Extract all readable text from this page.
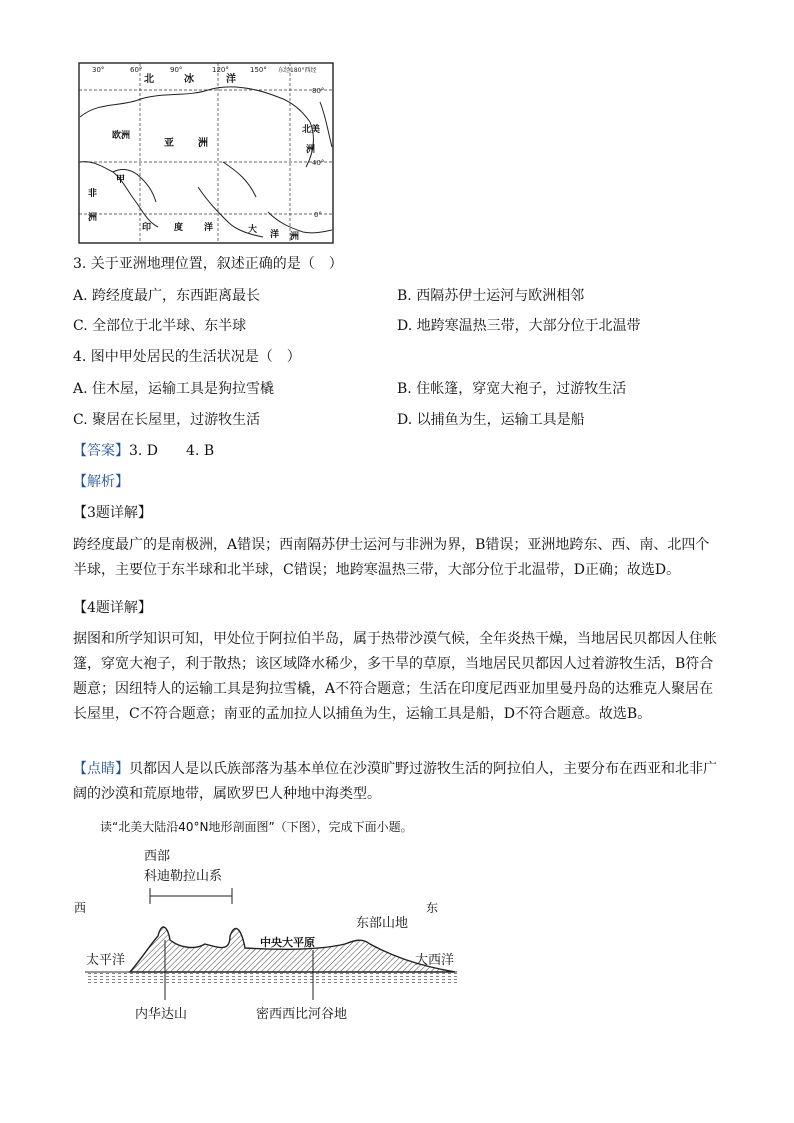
30°	60°	90°	120°	150° 东经180°西经
80°
40°
0°
北	冰	洋
欧洲
亚 洲
北美
洲
甲
非
洲
印	度 洋	大 洋 洲
3. 关于亚洲地理位置，叙述正确的是（　）
A. 跨经度最广，东西距离最长	B. 西隔苏伊士运河与欧洲相邻
C. 全部位于北半球、东半球	D. 地跨寒温热三带，大部分位于北温带
4. 图中甲处居民的生活状况是（　）
A. 住木屋，运输工具是狗拉雪橇	B. 住帐篷，穿宽大袍子，过游牧生活
C. 聚居在长屋里，过游牧生活	D. 以捕鱼为生，运输工具是船
【答案】3. D　　4. B
【解析】
【3题详解】
跨经度最广的是南极洲，A错误；西南隔苏伊士运河与非洲为界，B错误；亚洲地跨东、西、南、北四个半球，主要位于东半球和北半球，C错误；地跨寒温热三带，大部分位于北温带，D正确；故选D。
【4题详解】
据图和所学知识可知，甲处位于阿拉伯半岛，属于热带沙漠气候，全年炎热干燥，当地居民贝都因人住帐篷，穿宽大袍子，利于散热；该区域降水稀少，多干旱的草原，当地居民贝都因人过着游牧生活，B符合题意；因纽特人的运输工具是狗拉雪橇，A不符合题意；生活在印度尼西亚加里曼丹岛的达雅克人聚居在长屋里，C不符合题意；南亚的孟加拉人以捕鱼为生，运输工具是船，D不符合题意。故选B。
【点睛】贝都因人是以氏族部落为基本单位在沙漠旷野过游牧生活的阿拉伯人，主要分布在西亚和北非广阔的沙漠和荒原地带，属欧罗巴人种地中海类型。
读“北美大陆沿40°N地形剖面图”（下图），完成下面小题。
西部
科迪勒拉山系
西	东
东部山地
太平洋
中央大平原
大西洋
内华达山	密西西比河谷地
